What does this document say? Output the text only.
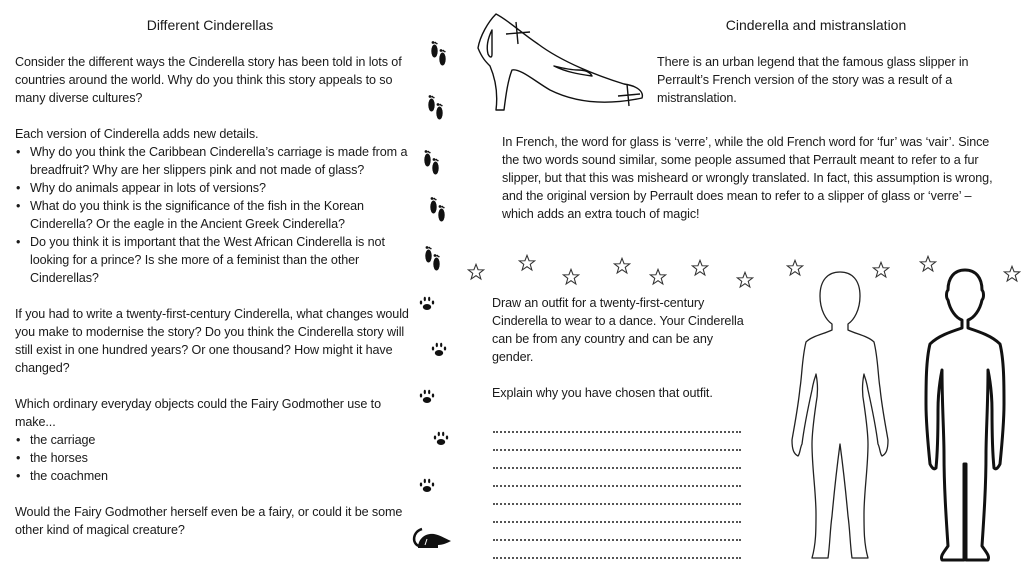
Different Cinderellas

Consider the different ways the Cinderella story has been told in lots of countries around the world. Why do you think this story appeals to so many diverse cultures?

Each version of Cinderella adds new details.

• Why do you think the Caribbean Cinderella’s carriage is made from a breadfruit? Why are her slippers pink and not made of glass?
• Why do animals appear in lots of versions?
• What do you think is the significance of the fish in the Korean Cinderella? Or the eagle in the Ancient Greek Cinderella?
• Do you think it is important that the West African Cinderella is not looking for a prince? Is she more of a feminist than the other Cinderellas?

If you had to write a twenty-first-century Cinderella, what changes would you make to modernise the story? Do you think the Cinderella story will still exist in one hundred years? Or one thousand? How might it have changed?

Which ordinary everyday objects could the Fairy Godmother use to make...

• the carriage
• the horses
• the coachmen

Would the Fairy Godmother herself even be a fairy, or could it be some other kind of magical creature?

Cinderella and mistranslation

There is an urban legend that the famous glass slipper in Perrault’s French version of the story was a result of a mistranslation.

In French, the word for glass is ‘verre’, while the old French word for ‘fur’ was ‘vair’. Since the two words sound similar, some people assumed that Perrault meant to refer to a fur slipper, but that this was misheard or wrongly translated. In fact, this assumption is wrong, and the original version by Perrault does mean to refer to a slipper of glass or ‘verre’ – which adds an extra touch of magic!

Draw an outfit for a twenty-first-century Cinderella to wear to a dance. Your Cinderella can be from any country and can be any gender.

Explain why you have chosen that outfit.
